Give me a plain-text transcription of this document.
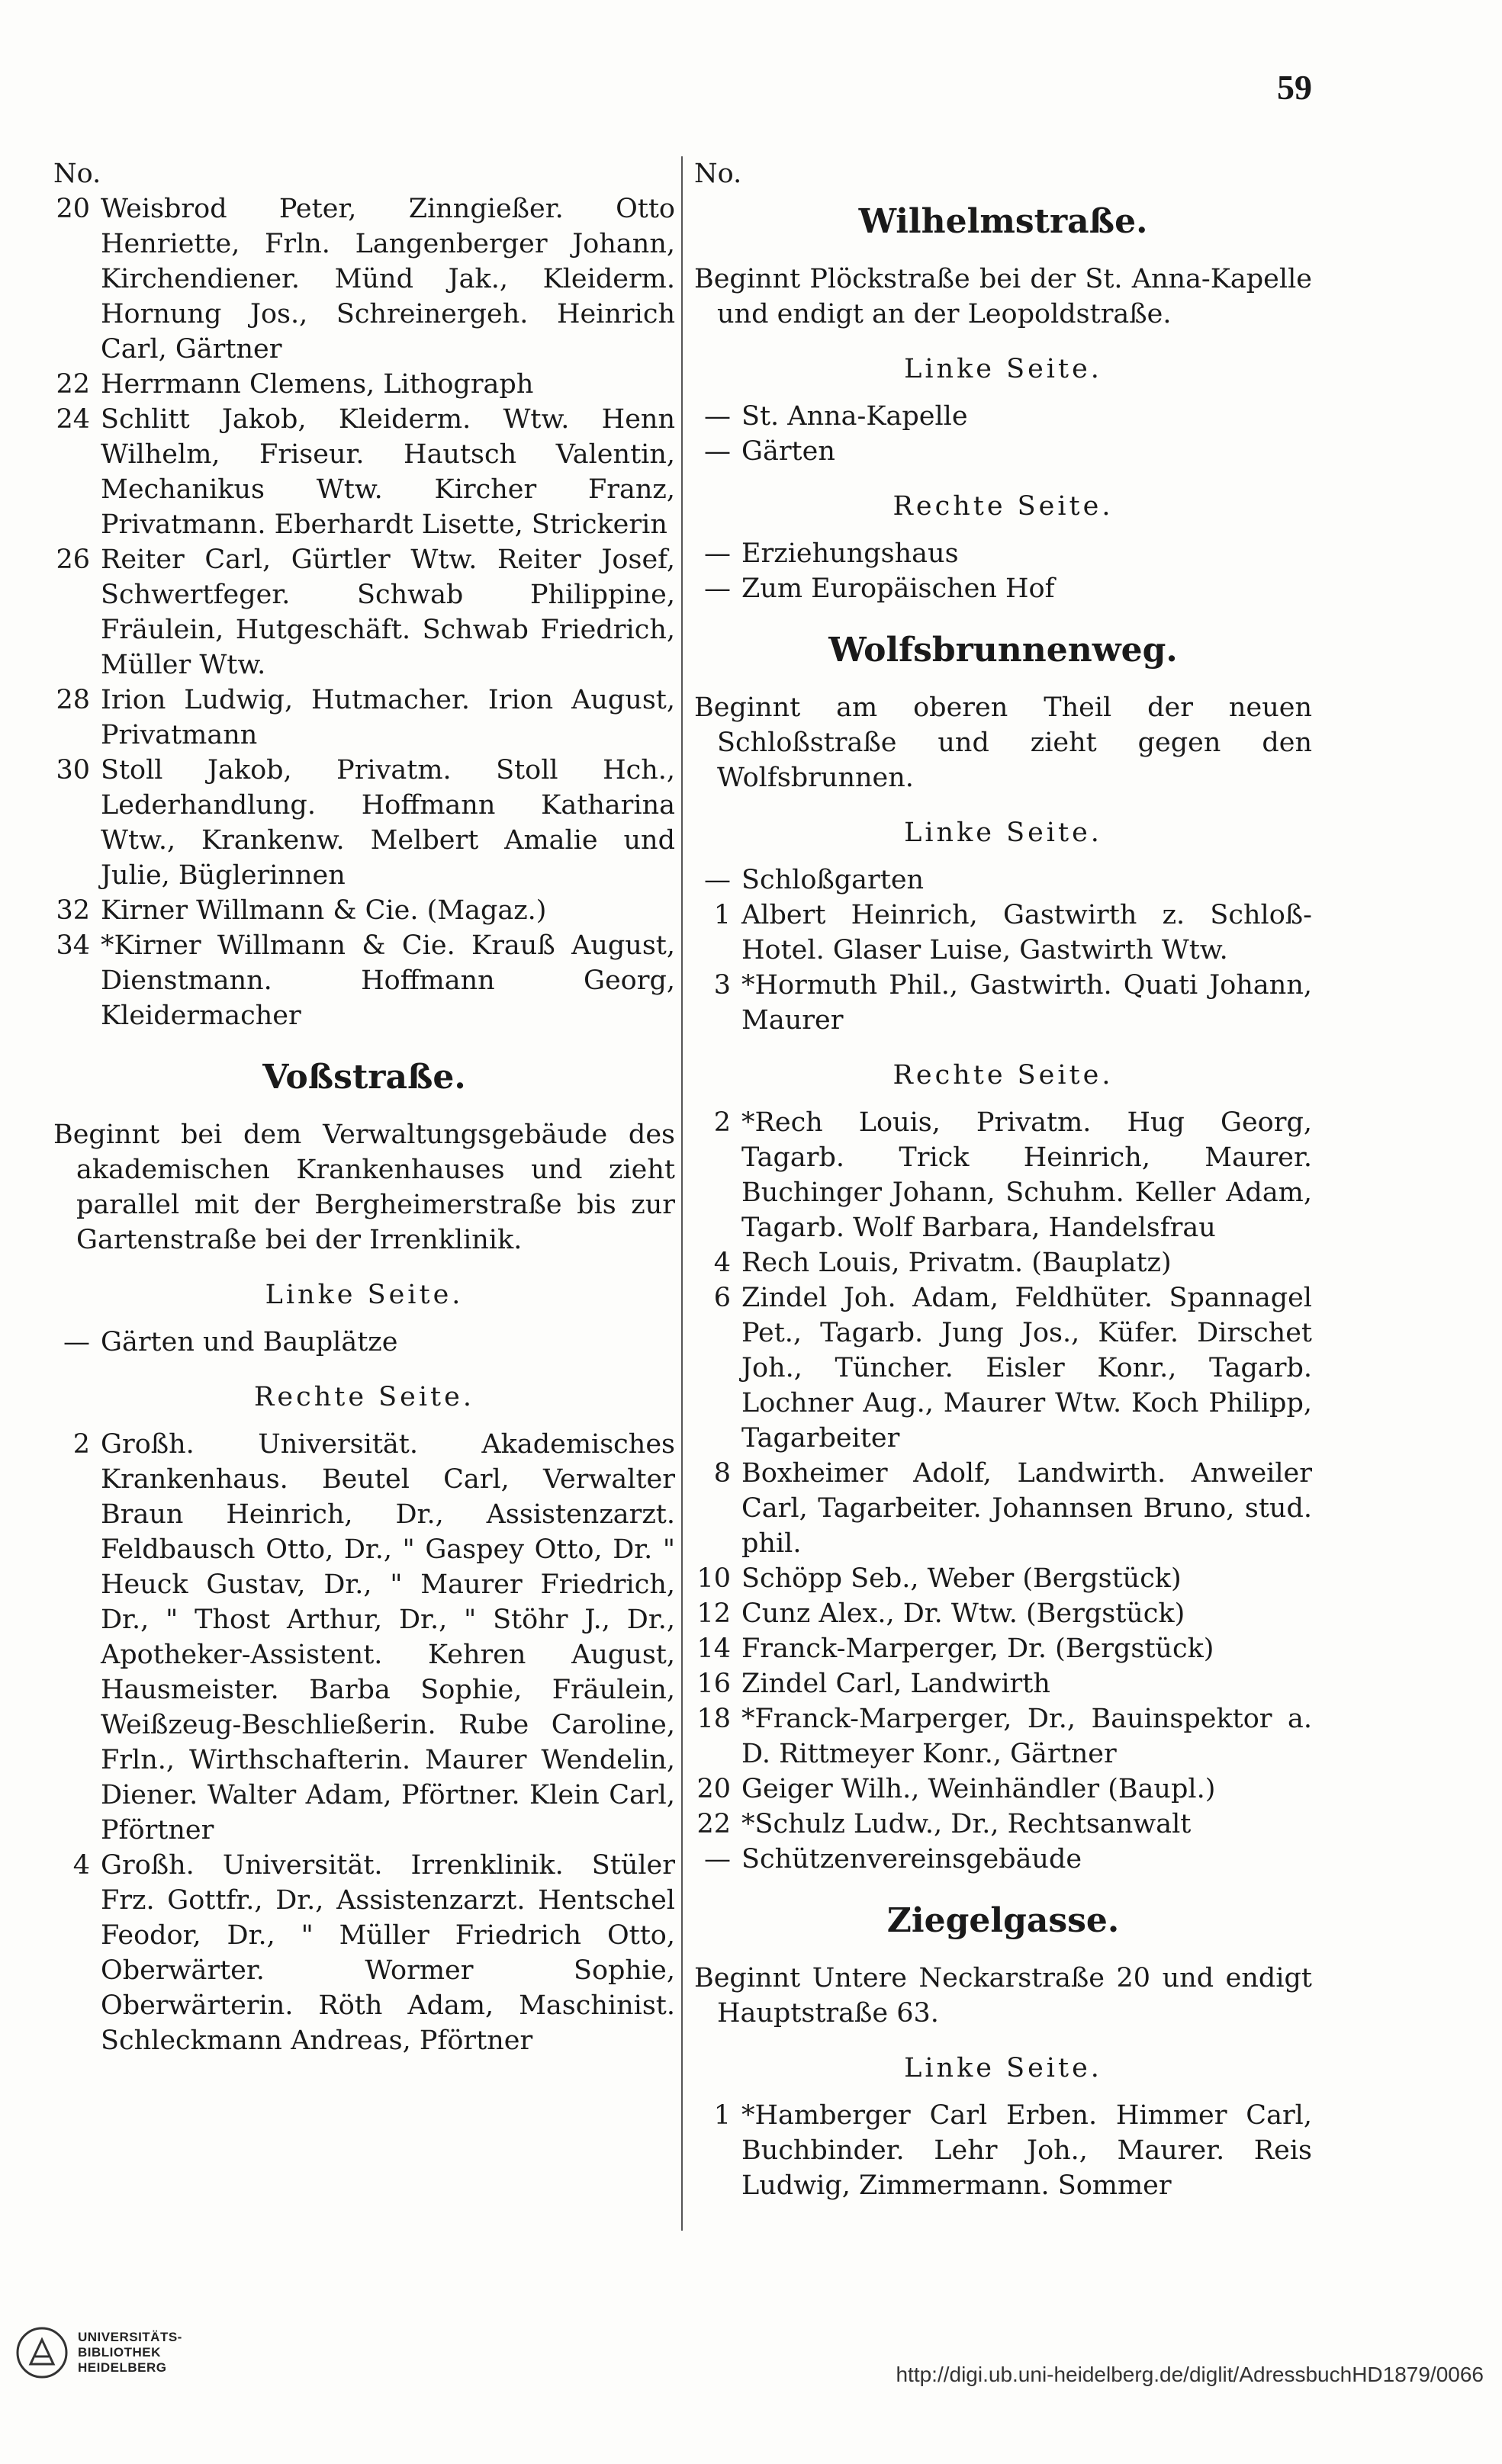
59
No.
20 Weisbrod Peter, Zinngießer. Otto Henriette, Frln. Langenberger Johann, Kirchendiener. Münd Jak., Kleiderm. Hornung Jos., Schreinergeh. Heinrich Carl, Gärtner
22 Herrmann Clemens, Lithograph
24 Schlitt Jakob, Kleiderm. Wtw. Henn Wilhelm, Friseur. Hautsch Valentin, Mechanikus Wtw. Kircher Franz, Privatmann. Eberhardt Lisette, Strickerin
26 Reiter Carl, Gürtler Wtw. Reiter Josef, Schwertfeger. Schwab Philippine, Fräulein, Hutgeschäft. Schwab Friedrich, Müller Wtw.
28 Irion Ludwig, Hutmacher. Irion August, Privatmann
30 Stoll Jakob, Privatm. Stoll Hch., Lederhandlung. Hoffmann Katharina Wtw., Krankenw. Melbert Amalie und Julie, Büglerinnen
32 Kirner Willmann & Cie. (Magaz.)
34 *Kirner Willmann & Cie. Krauß August, Dienstmann. Hoffmann Georg, Kleidermacher
Voßstraße.
Beginnt bei dem Verwaltungsgebäude des akademischen Krankenhauses und zieht parallel mit der Bergheimerstraße bis zur Gartenstraße bei der Irrenklinik.
Linke Seite.
— Gärten und Bauplätze
Rechte Seite.
2 Großh. Universität. Akademisches Krankenhaus. Beutel Carl, Verwalter Braun Heinrich, Dr., Assistenzarzt. Feldbausch Otto, Dr., " Gaspey Otto, Dr. " Heuck Gustav, Dr., " Maurer Friedrich, Dr., " Thost Arthur, Dr., " Stöhr J., Dr., Apotheker-Assistent. Kehren August, Hausmeister. Barba Sophie, Fräulein, Weißzeug-Beschließerin. Rube Caroline, Frln., Wirthschafterin. Maurer Wendelin, Diener. Walter Adam, Pförtner. Klein Carl, Pförtner
4 Großh. Universität. Irrenklinik. Stüler Frz. Gottfr., Dr., Assistenzarzt. Hentschel Feodor, Dr., " Müller Friedrich Otto, Oberwärter. Wormer Sophie, Oberwärterin. Röth Adam, Maschinist. Schleckmann Andreas, Pförtner
No.
Wilhelmstraße.
Beginnt Plöckstraße bei der St. Anna-Kapelle und endigt an der Leopoldstraße.
Linke Seite.
— St. Anna-Kapelle
— Gärten
Rechte Seite.
— Erziehungshaus
— Zum Europäischen Hof
Wolfsbrunnenweg.
Beginnt am oberen Theil der neuen Schloßstraße und zieht gegen den Wolfsbrunnen.
Linke Seite.
— Schloßgarten
1 Albert Heinrich, Gastwirth z. Schloß-Hotel. Glaser Luise, Gastwirth Wtw.
3 *Hormuth Phil., Gastwirth. Quati Johann, Maurer
Rechte Seite.
2 *Rech Louis, Privatm. Hug Georg, Tagarb. Trick Heinrich, Maurer. Buchinger Johann, Schuhm. Keller Adam, Tagarb. Wolf Barbara, Handelsfrau
4 Rech Louis, Privatm. (Bauplatz)
6 Zindel Joh. Adam, Feldhüter. Spannagel Pet., Tagarb. Jung Jos., Küfer. Dirschet Joh., Tüncher. Eisler Konr., Tagarb. Lochner Aug., Maurer Wtw. Koch Philipp, Tagarbeiter
8 Boxheimer Adolf, Landwirth. Anweiler Carl, Tagarbeiter. Johannsen Bruno, stud. phil.
10 Schöpp Seb., Weber (Bergstück)
12 Cunz Alex., Dr. Wtw. (Bergstück)
14 Franck-Marperger, Dr. (Bergstück)
16 Zindel Carl, Landwirth
18 *Franck-Marperger, Dr., Bauinspektor a. D. Rittmeyer Konr., Gärtner
20 Geiger Wilh., Weinhändler (Baupl.)
22 *Schulz Ludw., Dr., Rechtsanwalt
— Schützenvereinsgebäude
Ziegelgasse.
Beginnt Untere Neckarstraße 20 und endigt Hauptstraße 63.
Linke Seite.
1 *Hamberger Carl Erben. Himmer Carl, Buchbinder. Lehr Joh., Maurer. Reis Ludwig, Zimmermann. Sommer
UNIVERSITÄTS-
BIBLIOTHEK
HEIDELBERG	http://digi.ub.uni-heidelberg.de/diglit/AdressbuchHD1879/0066
